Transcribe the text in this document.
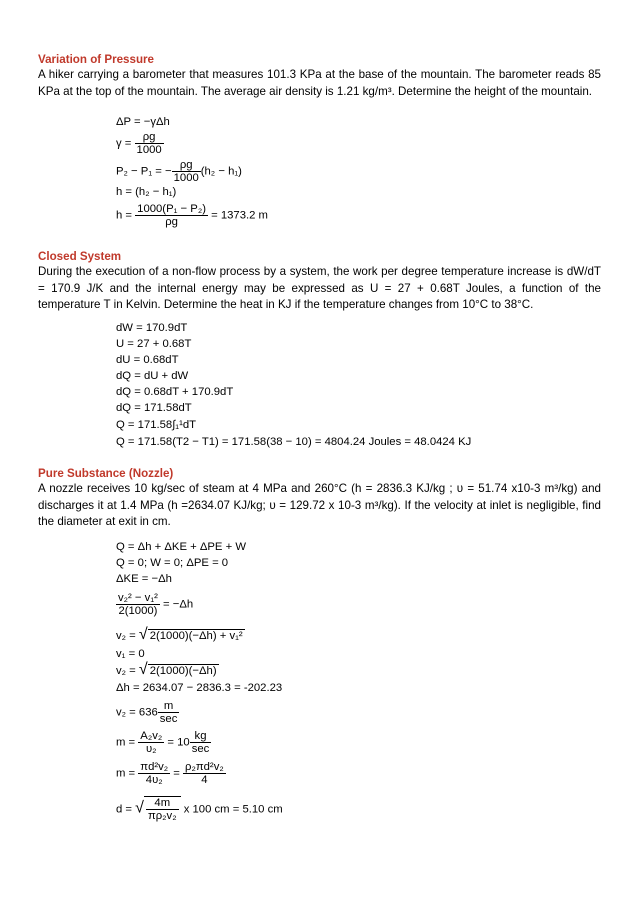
Variation of Pressure
A hiker carrying a barometer that measures 101.3 KPa at the base of the mountain. The barometer reads 85 KPa at the top of the mountain. The average air density is 1.21 kg/m³. Determine the height of the mountain.
ΔP = −γΔh
$\gamma = \frac{\rho g}{1000}$
P₂ − P₁ = − $\frac{\rho g}{1000} (h_2 - h_1)$
h = (h₂ − h₁)
$h = \frac{\text{1000(P₁ − P₂)}}{\rho g} = 1373.2$ m
Closed System
During the execution of a non-flow process by a system, the work per degree temperature increase is dW/dT = 170.9 J/K and the internal energy may be expressed as U = 27 + 0.68T Joules, a function of the temperature T in Kelvin. Determine the heat in KJ if the temperature changes from 10°C to 38°C.
dW = 170.9dT
U = 27 + 0.68T
dU = 0.68dT
dQ = dU + dW
dQ = 0.68dT + 170.9dT
dQ = 171.58dT
Q = 171.58∫₁¹dT
Q = 171.58(T2 − T1) = 171.58(38 − 10) = 4804.24 Joules = 48.0424 KJ
Pure Substance (Nozzle)
A nozzle receives 10 kg/sec of steam at 4 MPa and 260°C (h = 2836.3 KJ/kg ; υ = 51.74 x10-3 m³/kg) and discharges it at 1.4 MPa (h =2634.07 KJ/kg; υ = 129.72 x 10-3 m³/kg). If the velocity at inlet is negligible, find the diameter at exit in cm.
Q = Δh + ΔKE + ΔPE + W
Q = 0; W = 0; ΔPE = 0
ΔKE = −Δh
$\frac{\text{v₂² − v₁²}}{2(1000)} = -\Delta h$
v₂ = √ 2(1000)(−Δh) + v₁²
v₁ = 0
v₂ = √ 2(1000)(−Δh)
Δh = 2634.07 − 2836.3 = -202.23
$v_2 = 636 \frac{m}{\sec}$
$m = \frac{\text{A₂v₂}}{\text{υ₂}} = 10 \frac{kg}{\sec}$
$m = \frac{\text{πd²v₂}}{\text{4υ₂}} = \frac{\text{ρ₂πd²v₂}}{4}$
d = √ $\frac{4m}{\text{πρ₂v₂}}$ x 100 cm = 5.10 cm
